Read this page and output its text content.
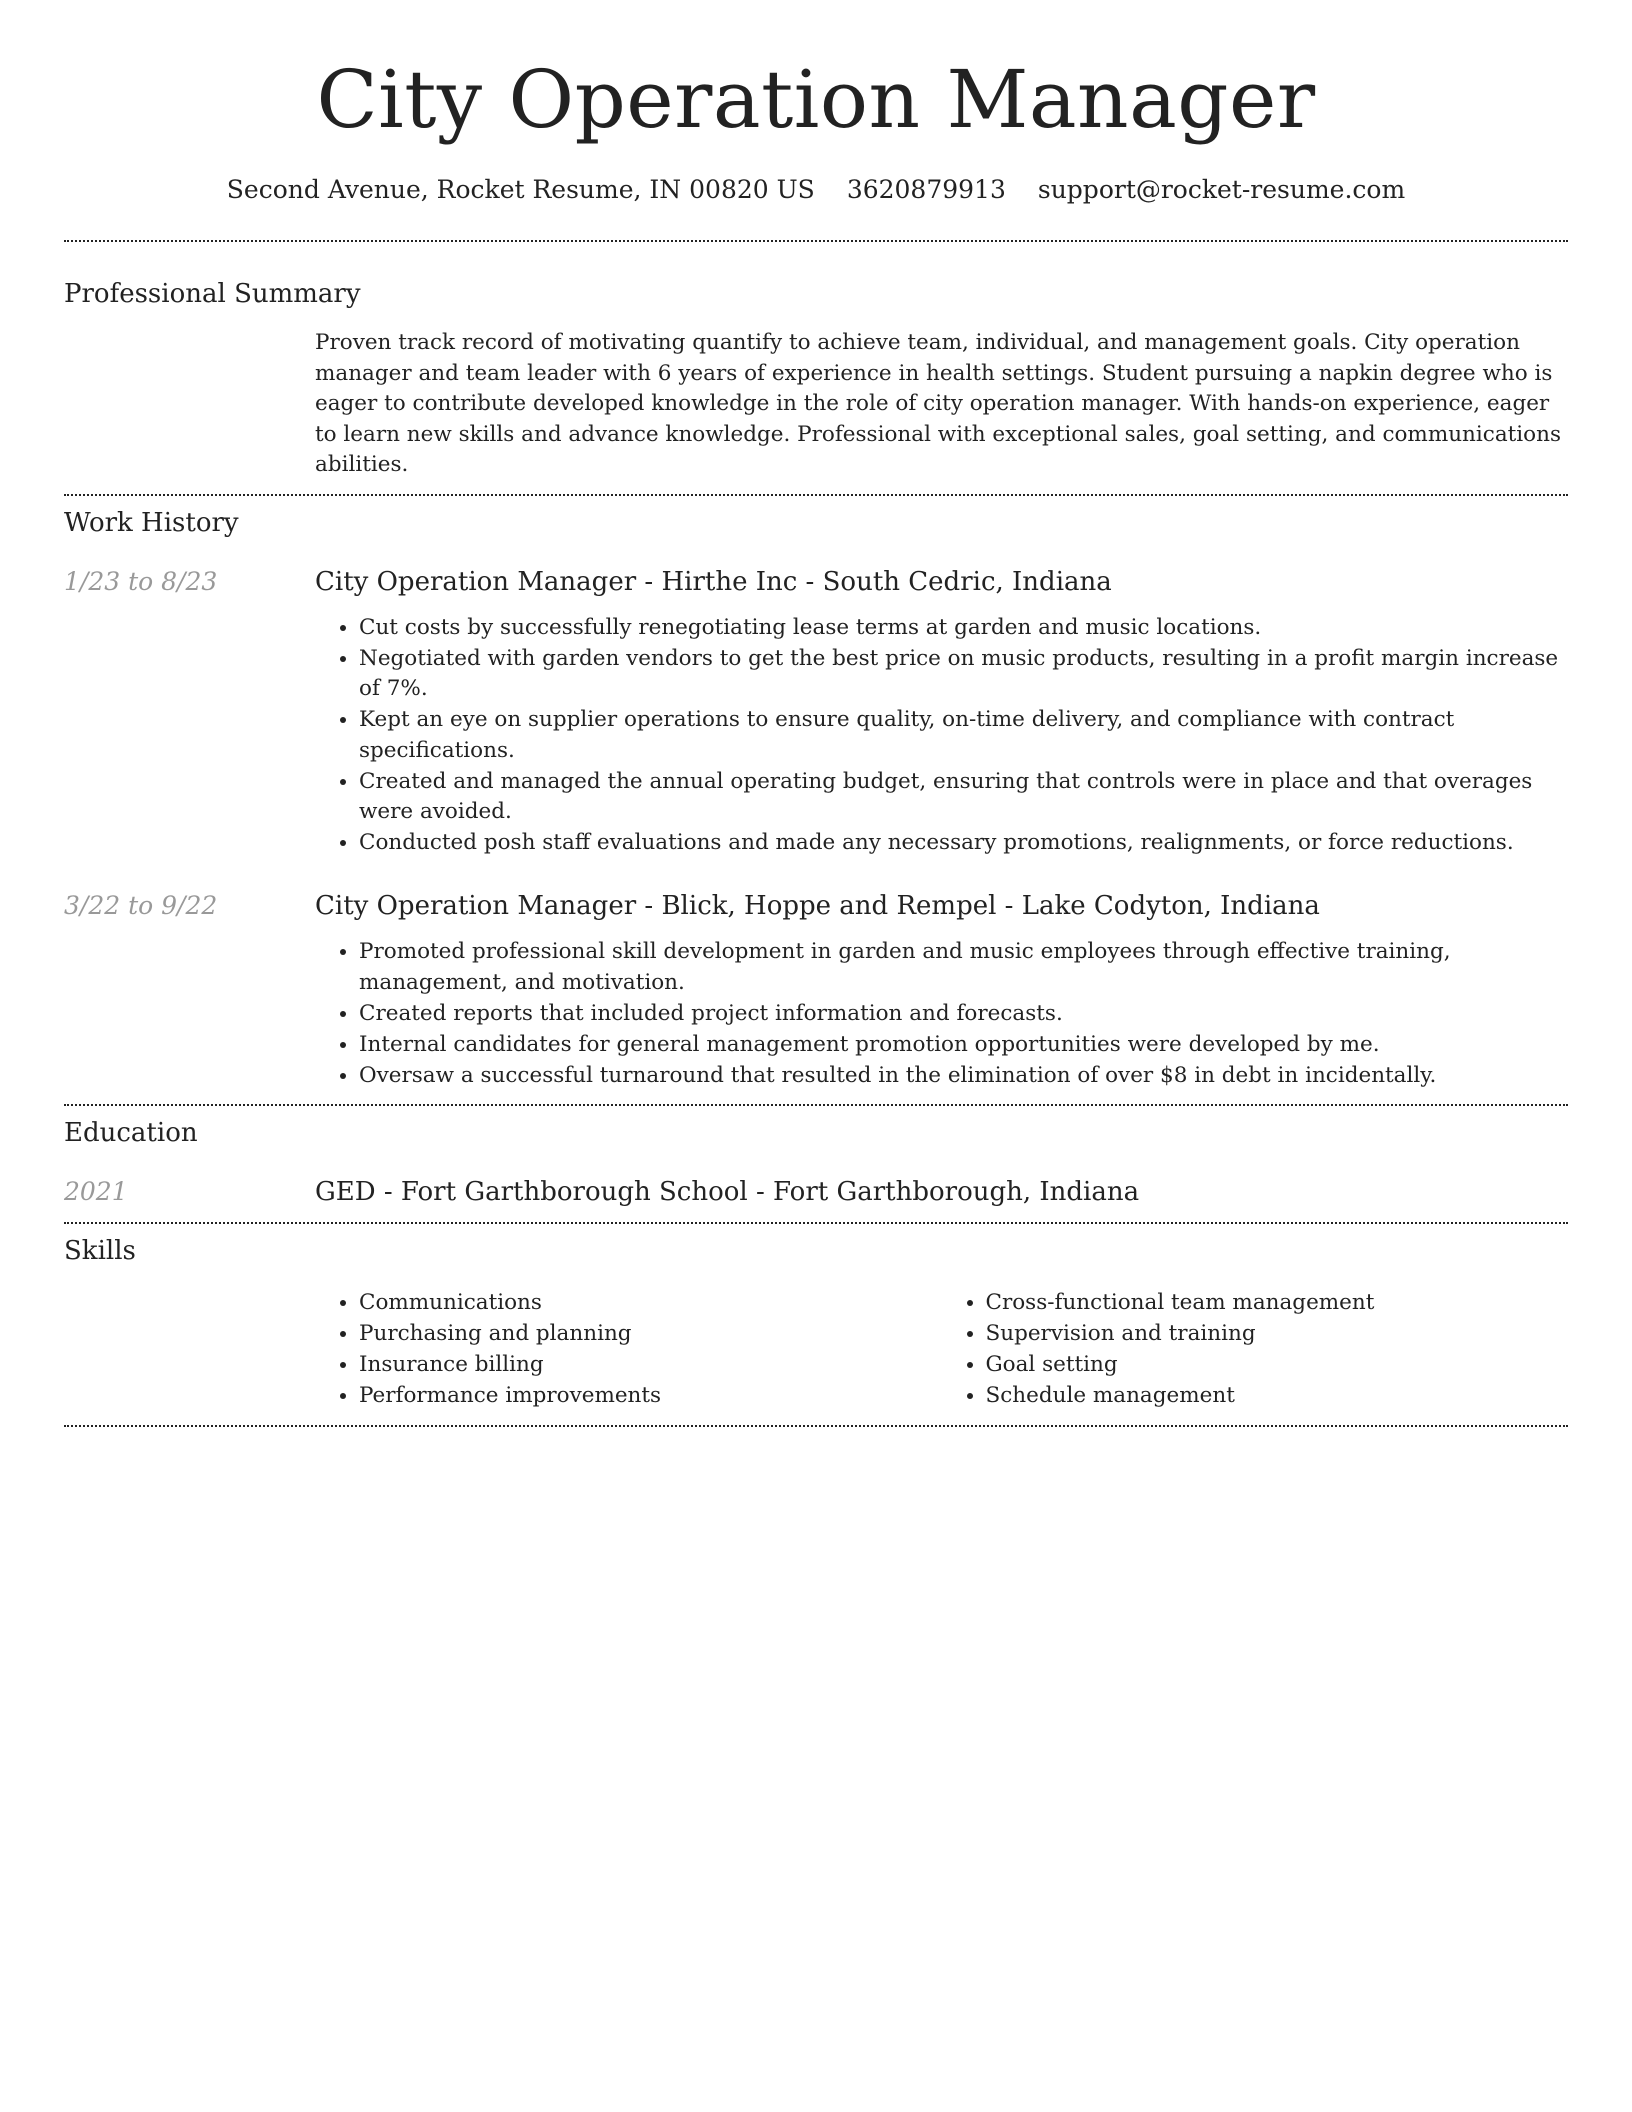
City Operation Manager
Second Avenue, Rocket Resume, IN 00820 US 3620879913 support@rocket-resume.com
Professional Summary

Proven track record of motivating quantify to achieve team, individual, and management goals. City operation manager and team leader with 6 years of experience in health settings. Student pursuing a napkin degree who is eager to contribute developed knowledge in the role of city operation manager. With hands-on experience, eager to learn new skills and advance knowledge. Professional with exceptional sales, goal setting, and communications abilities.

Work History
1/23 to 8/23	City Operation Manager - Hirthe Inc - South Cedric, Indiana
• Cut costs by successfully renegotiating lease terms at garden and music locations.
• Negotiated with garden vendors to get the best price on music products, resulting in a profit margin increase of 7%.
• Kept an eye on supplier operations to ensure quality, on-time delivery, and compliance with contract specifications.
• Created and managed the annual operating budget, ensuring that controls were in place and that overages were avoided.
• Conducted posh staff evaluations and made any necessary promotions, realignments, or force reductions.
3/22 to 9/22	City Operation Manager - Blick, Hoppe and Rempel - Lake Codyton, Indiana
• Promoted professional skill development in garden and music employees through effective training, management, and motivation.
• Created reports that included project information and forecasts.
• Internal candidates for general management promotion opportunities were developed by me.
• Oversaw a successful turnaround that resulted in the elimination of over $8 in debt in incidentally.
Education
2021	GED - Fort Garthborough School - Fort Garthborough, Indiana
Skills
• Communications
• Purchasing and planning
• Insurance billing
• Performance improvements
• Cross-functional team management
• Supervision and training
• Goal setting
• Schedule management
